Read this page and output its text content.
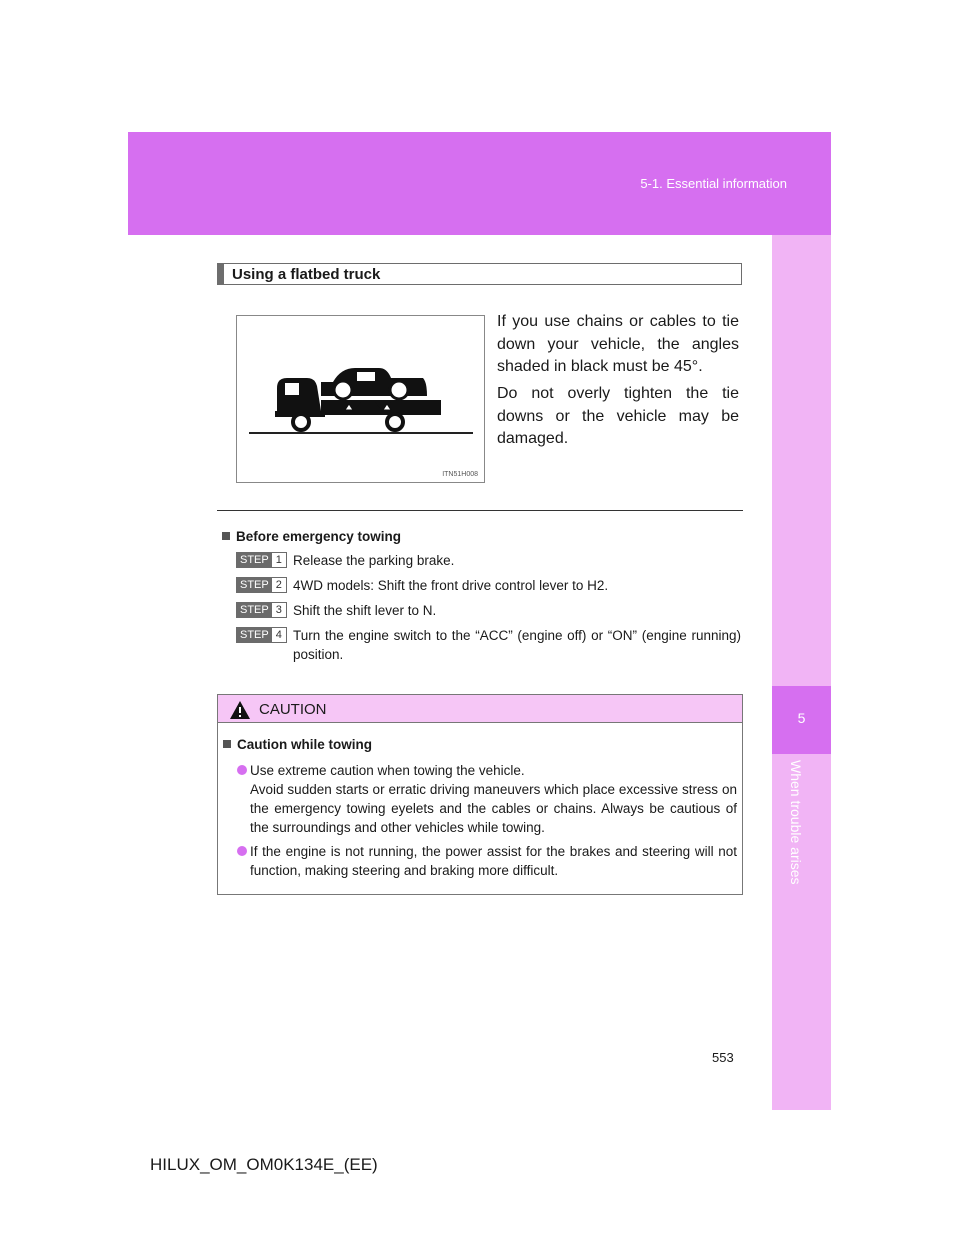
5-1. Essential information
5
When trouble arises
Using a flatbed truck
ITN51H008
If you use chains or cables to tie down your vehicle, the angles shaded in black must be 45°.
Do not overly tighten the tie downs or the vehicle may be damaged.
Before emergency towing
STEP 1 Release the parking brake.
STEP 2 4WD models: Shift the front drive control lever to H2.
STEP 3 Shift the shift lever to N.
STEP 4 Turn the engine switch to the “ACC” (engine off) or “ON” (engine running) position.
CAUTION
Caution while towing
Use extreme caution when towing the vehicle.
Avoid sudden starts or erratic driving maneuvers which place excessive stress on the emergency towing eyelets and the cables or chains. Always be cautious of the surroundings and other vehicles while towing.
If the engine is not running, the power assist for the brakes and steering will not function, making steering and braking more difficult.
553
HILUX_OM_OM0K134E_(EE)
